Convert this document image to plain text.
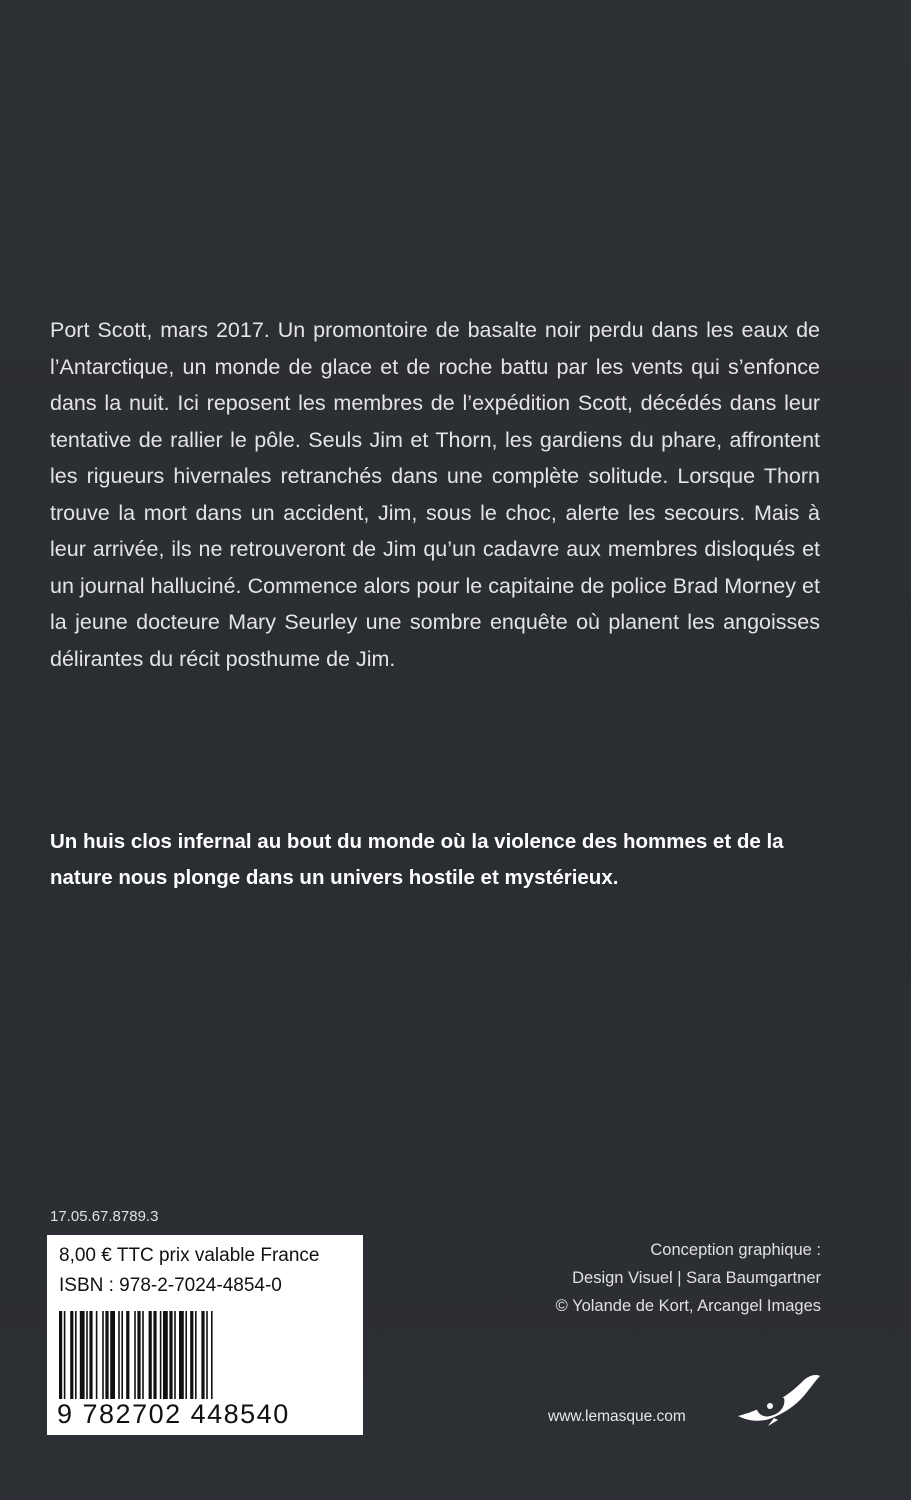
Port Scott, mars 2017. Un promontoire de basalte noir perdu dans les eaux de l’Antarctique, un monde de glace et de roche battu par les vents qui s’enfonce dans la nuit. Ici reposent les membres de l’expédition Scott, décédés dans leur tentative de rallier le pôle. Seuls Jim et Thorn, les gardiens du phare, affrontent les rigueurs hivernales retranchés dans une complète solitude. Lorsque Thorn trouve la mort dans un accident, Jim, sous le choc, alerte les secours. Mais à leur arrivée, ils ne retrouveront de Jim qu’un cadavre aux membres disloqués et un journal halluciné. Commence alors pour le capitaine de police Brad Morney et la jeune docteure Mary Seurley une sombre enquête où planent les angoisses délirantes du récit posthume de Jim.

Un huis clos infernal au bout du monde où la violence des hommes et de la nature nous plonge dans un univers hostile et mystérieux.

17.05.67.8789.3
8,00 € TTC prix valable France
ISBN : 978-2-7024-4854-0
9 782702 448540
Conception graphique :
Design Visuel | Sara Baumgartner
© Yolande de Kort, Arcangel Images
www.lemasque.com
